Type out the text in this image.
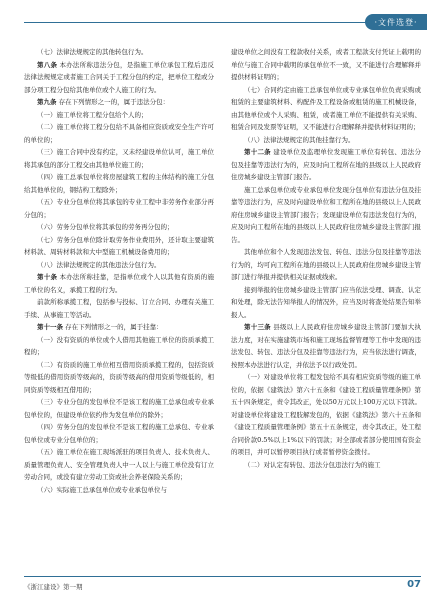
·文件选登·

（七）法律法规规定的其他转包行为。

第八条 本办法所称违法分包，是指施工单位承包工程后违反法律法规规定或者施工合同关于工程分包的约定，把单位工程或分部分项工程分包给其他单位或个人施工的行为。

第九条 存在下列情形之一的，属于违法分包：

（一）施工单位将工程分包给个人的；

（二）施工单位将工程分包给不具备相应资质或安全生产许可的单位的；

（三）施工合同中没有约定，又未经建设单位认可，施工单位将其承包的部分工程交由其他单位施工的；

（四）施工总承包单位将房屋建筑工程的主体结构的施工分包给其他单位的，钢结构工程除外；

（五）专业分包单位将其承包的专业工程中非劳务作业部分再分包的；

（六）劳务分包单位将其承包的劳务再分包的；

（七）劳务分包单位除计取劳务作业费用外，还计取主要建筑材料款、周转材料款和大中型施工机械设备费用的；

（八）法律法规规定的其他违法分包行为。

第十条 本办法所称挂靠，是指单位或个人以其他有资质的施工单位的名义，承揽工程的行为。

前款所称承揽工程，包括参与投标、订立合同、办理有关施工手续、从事施工等活动。

第十一条 存在下列情形之一的，属于挂靠：

（一）没有资质的单位或个人借用其他施工单位的资质承揽工程的；

（二）有资质的施工单位相互借用资质承揽工程的，包括资质等级低的借用资质等级高的，资质等级高的借用资质等级低的，相同资质等级相互借用的；

（三）专业分包的发包单位不是该工程的施工总承包或专业承包单位的，但建设单位依约作为发包单位的除外；

（四）劳务分包的发包单位不是该工程的施工总承包、专业承包单位或专业分包单位的；

（五）施工单位在施工现场派驻的项目负责人、技术负责人、质量管理负责人、安全管理负责人中一人以上与施工单位没有订立劳动合同，或没有建立劳动工资或社会养老保险关系的；

（六）实际施工总承包单位或专业承包单位与

建设单位之间没有工程款收付关系，或者工程款支付凭证上载明的单位与施工合同中载明的承包单位不一致，又不能进行合理解释并提供材料证明的；

（七）合同约定由施工总承包单位或专业承包单位负责采购或租赁的主要建筑材料、构配件及工程设备或租赁的施工机械设备，由其他单位或个人采购、租赁，或者施工单位不能提供有关采购、租赁合同及发票等证明，又不能进行合理解释并提供材料证明的；

（八）法律法规规定的其他挂靠行为。

第十二条 建设单位及监理单位发现施工单位有转包、违法分包及挂靠等违法行为的，应及时向工程所在地的县级以上人民政府住房城乡建设主管部门报告。

施工总承包单位或专业承包单位发现分包单位有违法分包及挂靠等违法行为，应及时向建设单位和工程所在地的县级以上人民政府住房城乡建设主管部门报告；发现建设单位有违法发包行为的，应及时向工程所在地的县级以上人民政府住房城乡建设主管部门报告。

其他单位和个人发现违法发包、转包、违法分包及挂靠等违法行为的，均可向工程所在地的县级以上人民政府住房城乡建设主管部门进行举报并提供相关证据或线索。

接到举报的住房城乡建设主管部门应当依法受理、调查、认定和处理，除无法告知举报人的情况外，应当及时将查处结果告知举报人。

第十三条 县级以上人民政府住房城乡建设主管部门要加大执法力度，对在实施建筑市场和施工现场监督管理等工作中发现的违法发包、转包、违法分包及挂靠等违法行为，应当依法进行调查，按照本办法进行认定，并依法予以行政处罚。

（一）对建设单位将工程发包给不具有相应资质等级的施工单位的，依据《建筑法》第六十五条和《建设工程质量管理条例》第五十四条规定，责令其改正，处以50万元以上100万元以下罚款。对建设单位将建设工程肢解发包的，依据《建筑法》第六十五条和《建设工程质量管理条例》第五十五条规定，责令其改正，处工程合同价款0.5%以上1%以下的罚款；对全部或者部分使用国有资金的项目，并可以暂停项目执行或者暂停资金拨付。

（二）对认定有转包、违法分包违法行为的施工

《浙江建设》第一期	07
